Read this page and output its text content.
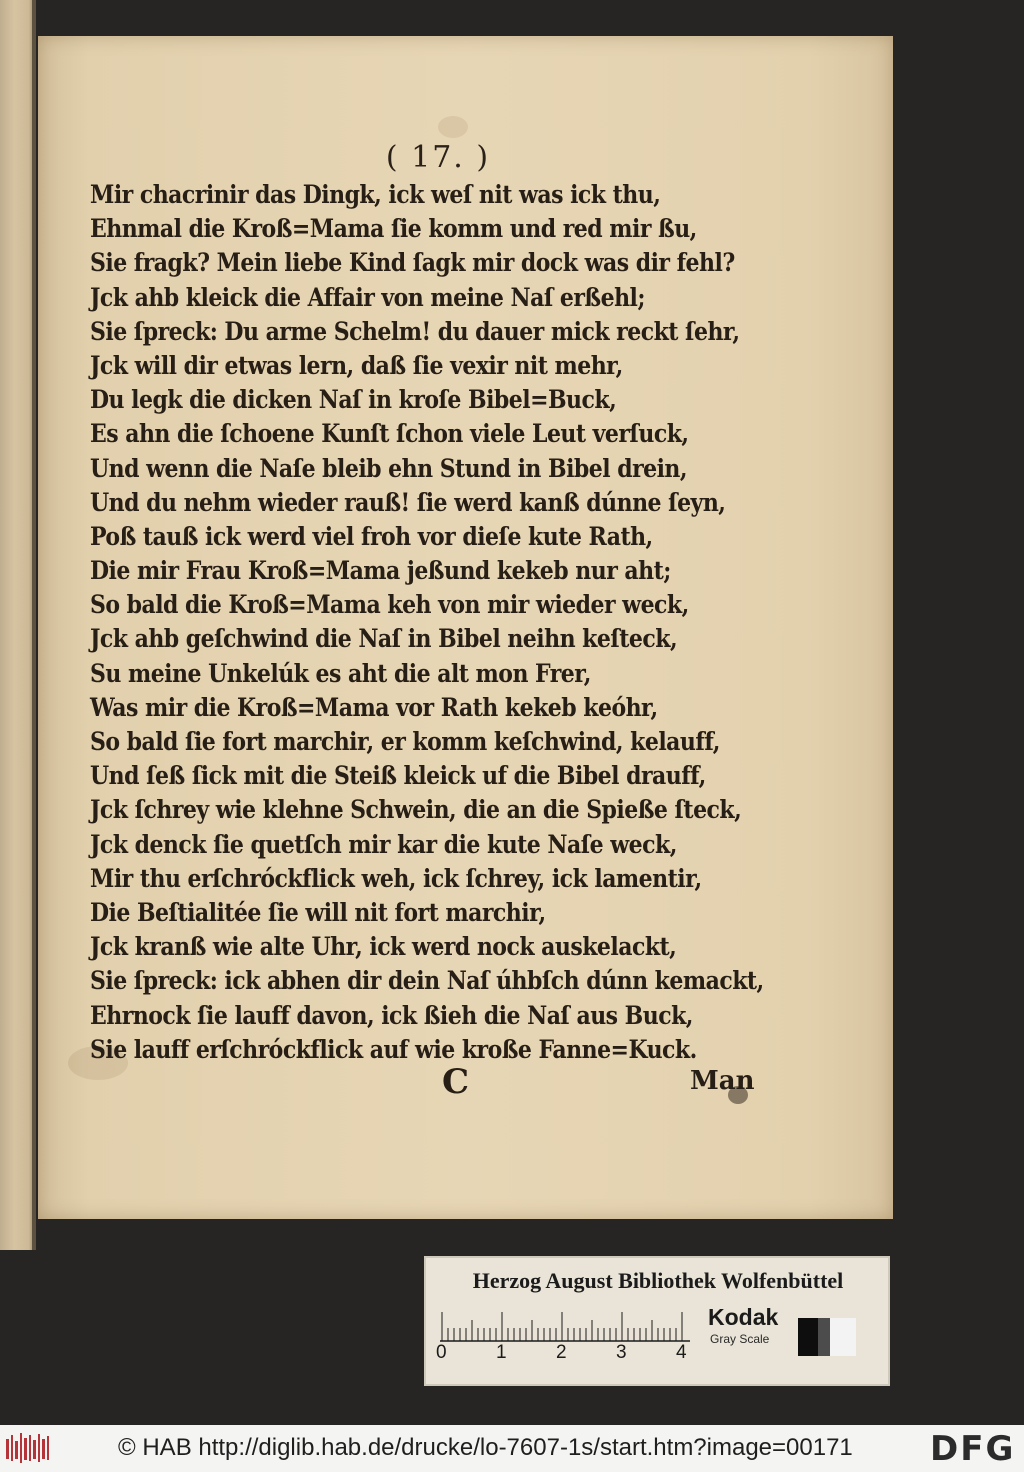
( 17. )
Mir chacrinir das Dingk, ick weſ nit was ick thu,
Ehnmal die Kroß=Mama ſie komm und red mir ßu,
Sie fragk? Mein liebe Kind ſagk mir dock was dir fehl?
Jck ahb kleick die Affair von meine Naſ erßehl;
Sie ſpreck: Du arme Schelm! du dauer mick reckt ſehr,
Jck will dir etwas lern, daß ſie vexir nit mehr,
Du legk die dicken Naſ in kroſe Bibel=Buck,
Es ahn die ſchoene Kunſt ſchon viele Leut verſuck,
Und wenn die Naſe bleib ehn Stund in Bibel drein,
Und du nehm wieder rauß! ſie werd kanß dúnne ſeyn,
Poß tauß ick werd viel froh vor dieſe kute Rath,
Die mir Frau Kroß=Mama jeßund kekeb nur aht;
So bald die Kroß=Mama keh von mir wieder weck,
Jck ahb geſchwind die Naſ in Bibel neihn keſteck,
Su meine Unkelúk es aht die alt mon Frer,
Was mir die Kroß=Mama vor Rath kekeb keóhr,
So bald ſie fort marchir, er komm keſchwind, kelauff,
Und ſeß ſick mit die Steiß kleick uf die Bibel drauff,
Jck ſchrey wie klehne Schwein, die an die Spieße ſteck,
Jck denck ſie quetſch mir kar die kute Naſe weck,
Mir thu erſchróckflick weh, ick ſchrey, ick lamentir,
Die Beſtialitée ſie will nit fort marchir,
Jck kranß wie alte Uhr, ick werd nock auskelackt,
Sie ſpreck: ick abhen dir dein Naſ úhbſch dúnn kemackt,
Ehrnock ſie lauff davon, ick ßieh die Naſ aus Buck,
Sie lauff erſchróckflick auf wie kroße Fanne=Kuck.
C	Man
Herzog August Bibliothek Wolfenbüttel
0	1	2	3	4
Kodak
Gray Scale
© HAB http://diglib.hab.de/drucke/lo-7607-1s/start.htm?image=00171 DFG
